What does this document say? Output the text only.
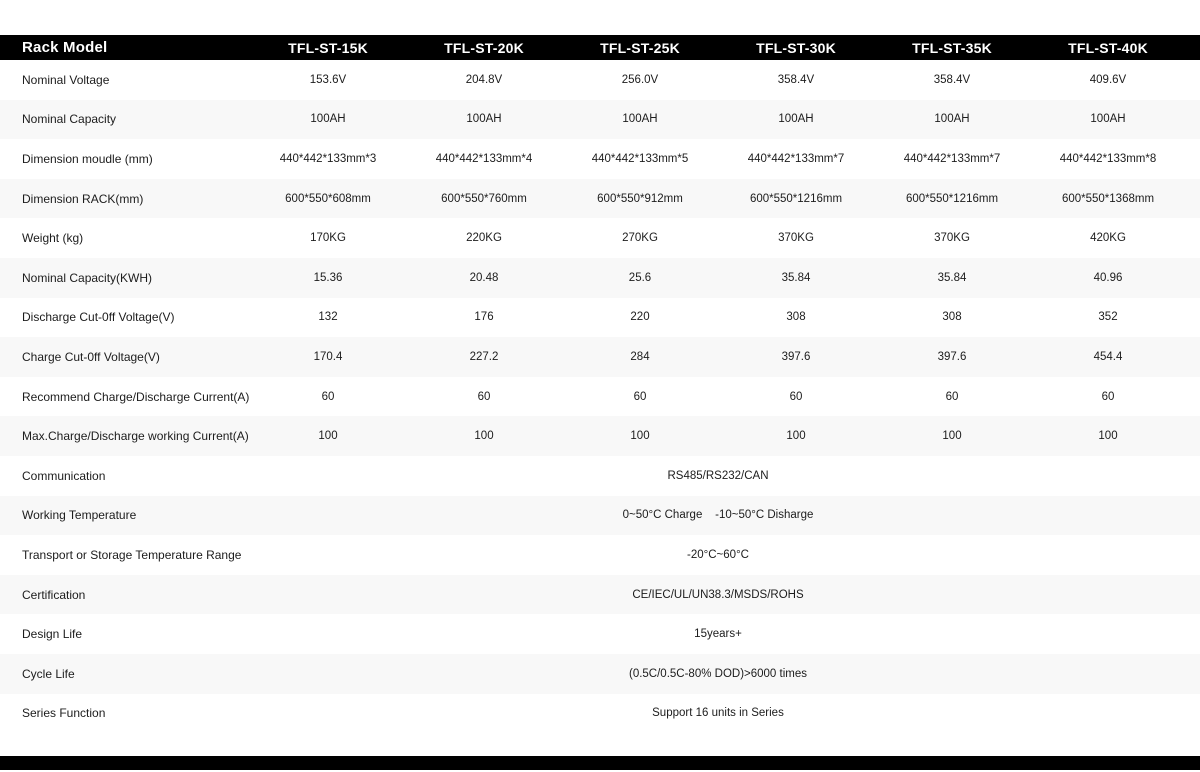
Rack Model	TFL-ST-15K	TFL-ST-20K	TFL-ST-25K	TFL-ST-30K	TFL-ST-35K	TFL-ST-40K
Nominal Voltage	153.6V	204.8V	256.0V	358.4V	358.4V	409.6V
Nominal Capacity	100AH	100AH	100AH	100AH	100AH	100AH
Dimension moudle (mm)	440*442*133mm*3	440*442*133mm*4	440*442*133mm*5	440*442*133mm*7	440*442*133mm*7	440*442*133mm*8
Dimension RACK(mm)	600*550*608mm	600*550*760mm	600*550*912mm	600*550*1216mm	600*550*1216mm	600*550*1368mm
Weight (kg)	170KG	220KG	270KG	370KG	370KG	420KG
Nominal Capacity(KWH)	15.36	20.48	25.6	35.84	35.84	40.96
Discharge Cut-0ff Voltage(V)	132	176	220	308	308	352
Charge Cut-0ff Voltage(V)	170.4	227.2	284	397.6	397.6	454.4
Recommend Charge/Discharge Current(A)	60	60	60	60	60	60
Max.Charge/Discharge working Current(A)	100	100	100	100	100	100
Communication	RS485/RS232/CAN
Working Temperature	0~50°C Charge    -10~50°C Disharge
Transport or Storage Temperature Range	-20°C~60°C
Certification	CE/IEC/UL/UN38.3/MSDS/ROHS
Design Life	15years+
Cycle Life	(0.5C/0.5C-80% DOD)>6000 times
Series Function	Support 16 units in Series
